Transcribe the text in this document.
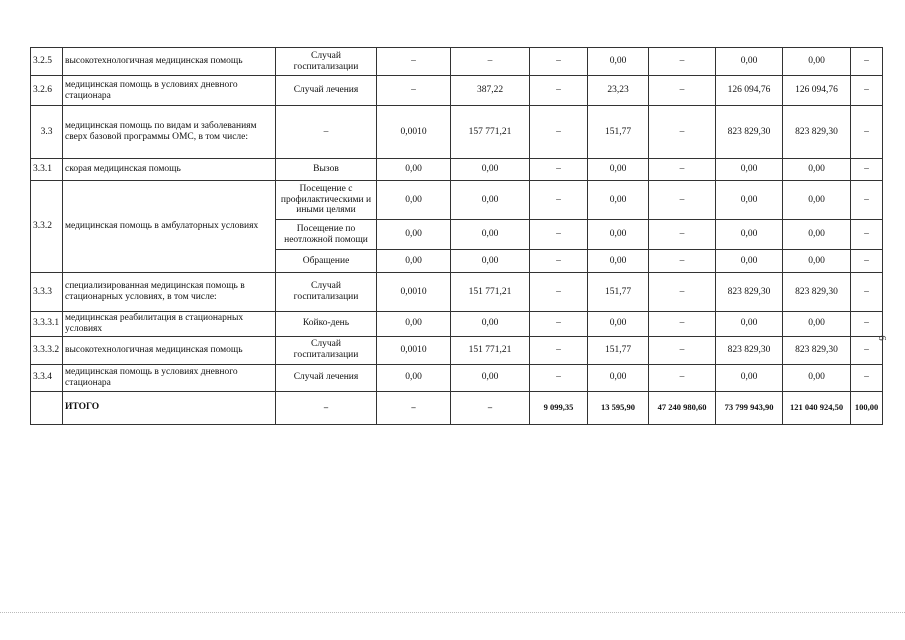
3.2.5	высокотехнологичная медицинская помощь	Случай госпитализации	–	–	–	0,00	–	0,00	0,00	–
3.2.6	медицинская помощь в условиях дневного стационара	Случай лечения	–	387,22	–	23,23	–	126 094,76	126 094,76	–
3.3	медицинская помощь по видам и заболеваниям сверх базовой программы ОМС, в том числе:	–	0,0010	157 771,21	–	151,77	–	823 829,30	823 829,30	–
3.3.1	скорая медицинская помощь	Вызов	0,00	0,00	–	0,00	–	0,00	0,00	–
3.3.2	медицинская помощь в амбулаторных условиях	Посещение с профилактическими и иными целями	0,00	0,00	–	0,00	–	0,00	0,00	–
		Посещение по неотложной помощи	0,00	0,00	–	0,00	–	0,00	0,00	–
		Обращение	0,00	0,00	–	0,00	–	0,00	0,00	–
3.3.3	специализированная медицинская помощь в стационарных условиях, в том числе:	Случай госпитализации	0,0010	151 771,21	–	151,77	–	823 829,30	823 829,30	–
3.3.3.1	медицинская реабилитация в стационарных условиях	Койко-день	0,00	0,00	–	0,00	–	0,00	0,00	–
3.3.3.2	высокотехнологичная медицинская помощь	Случай госпитализации	0,0010	151 771,21	–	151,77	–	823 829,30	823 829,30	–
3.3.4	медицинская помощь в условиях дневного стационара	Случай лечения	0,00	0,00	–	0,00	–	0,00	0,00	–
	ИТОГО	–	–	–	9 099,35	13 595,90	47 240 980,60	73 799 943,90	121 040 924,50	100,00
6
